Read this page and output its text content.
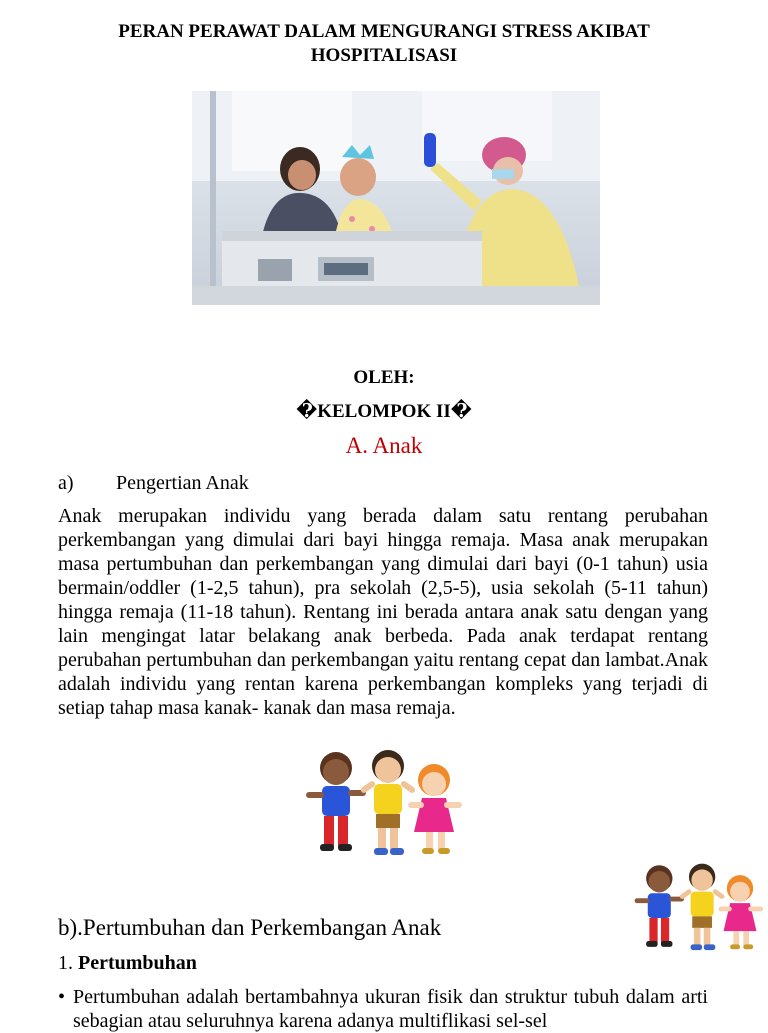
PERAN PERAWAT DALAM MENGURANGI STRESS AKIBAT HOSPITALISASI
OLEH:
�KELOMPOK II�
A. Anak
a) Pengertian Anak
Anak merupakan individu yang berada dalam satu rentang perubahan perkembangan yang dimulai dari bayi hingga remaja. Masa anak merupakan masa pertumbuhan dan perkembangan yang dimulai dari bayi (0-1 tahun) usia bermain/oddler (1-2,5 tahun), pra sekolah (2,5-5), usia sekolah (5-11 tahun) hingga remaja (11-18 tahun). Rentang ini berada antara anak satu dengan yang lain mengingat latar belakang anak berbeda. Pada anak terdapat rentang perubahan pertumbuhan dan perkembangan yaitu rentang cepat dan lambat.Anak adalah individu yang rentan karena perkembangan kompleks yang terjadi di setiap tahap masa kanak- kanak dan masa remaja.
b).Pertumbuhan dan Perkembangan Anak
1. Pertumbuhan
• Pertumbuhan adalah bertambahnya ukuran fisik dan struktur tubuh dalam arti sebagian atau seluruhnya karena adanya multiflikasi sel-sel
